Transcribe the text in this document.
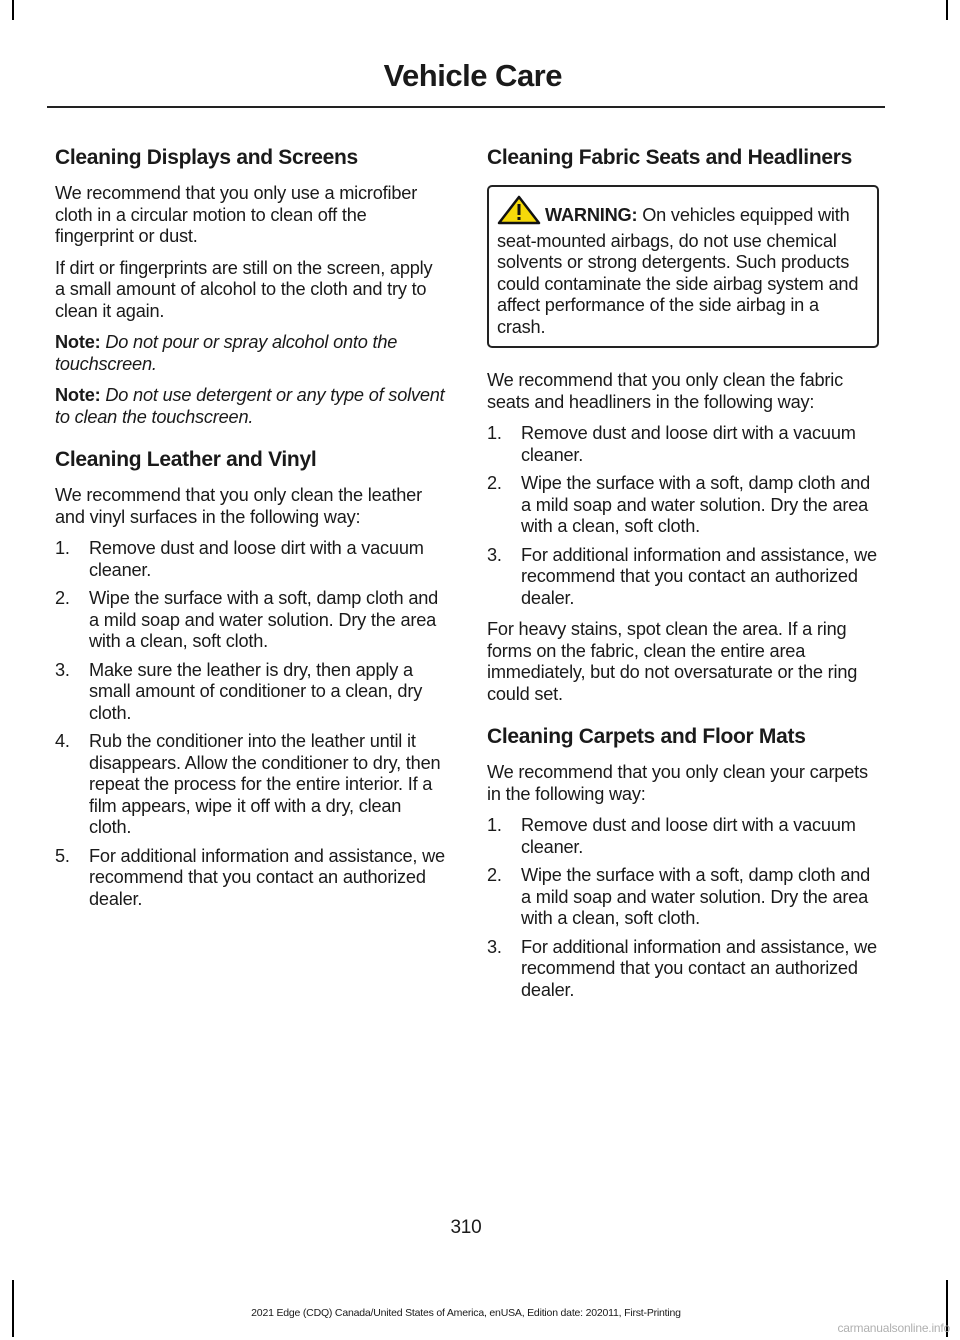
Vehicle Care
Cleaning Displays and Screens

We recommend that you only use a microfiber cloth in a circular motion to clean off the fingerprint or dust.

If dirt or fingerprints are still on the screen, apply a small amount of alcohol to the cloth and try to clean it again.

Note: Do not pour or spray alcohol onto the touchscreen.

Note: Do not use detergent or any type of solvent to clean the touchscreen.

Cleaning Leather and Vinyl

We recommend that you only clean the leather and vinyl surfaces in the following way:

1. Remove dust and loose dirt with a vacuum cleaner.
2. Wipe the surface with a soft, damp cloth and a mild soap and water solution. Dry the area with a clean, soft cloth.
3. Make sure the leather is dry, then apply a small amount of conditioner to a clean, dry cloth.
4. Rub the conditioner into the leather until it disappears. Allow the conditioner to dry, then repeat the process for the entire interior. If a film appears, wipe it off with a dry, clean cloth.
5. For additional information and assistance, we recommend that you contact an authorized dealer.
Cleaning Fabric Seats and Headliners
WARNING: On vehicles equipped with seat-mounted airbags, do not use chemical solvents or strong detergents. Such products could contaminate the side airbag system and affect performance of the side airbag in a crash.

We recommend that you only clean the fabric seats and headliners in the following way:

1. Remove dust and loose dirt with a vacuum cleaner.
2. Wipe the surface with a soft, damp cloth and a mild soap and water solution. Dry the area with a clean, soft cloth.
3. For additional information and assistance, we recommend that you contact an authorized dealer.

For heavy stains, spot clean the area. If a ring forms on the fabric, clean the entire area immediately, but do not oversaturate or the ring could set.

Cleaning Carpets and Floor Mats

We recommend that you only clean your carpets in the following way:

1. Remove dust and loose dirt with a vacuum cleaner.
2. Wipe the surface with a soft, damp cloth and a mild soap and water solution. Dry the area with a clean, soft cloth.
3. For additional information and assistance, we recommend that you contact an authorized dealer.

310

2021 Edge (CDQ) Canada/United States of America, enUSA, Edition date: 202011, First-Printing

carmanualsonline.info
